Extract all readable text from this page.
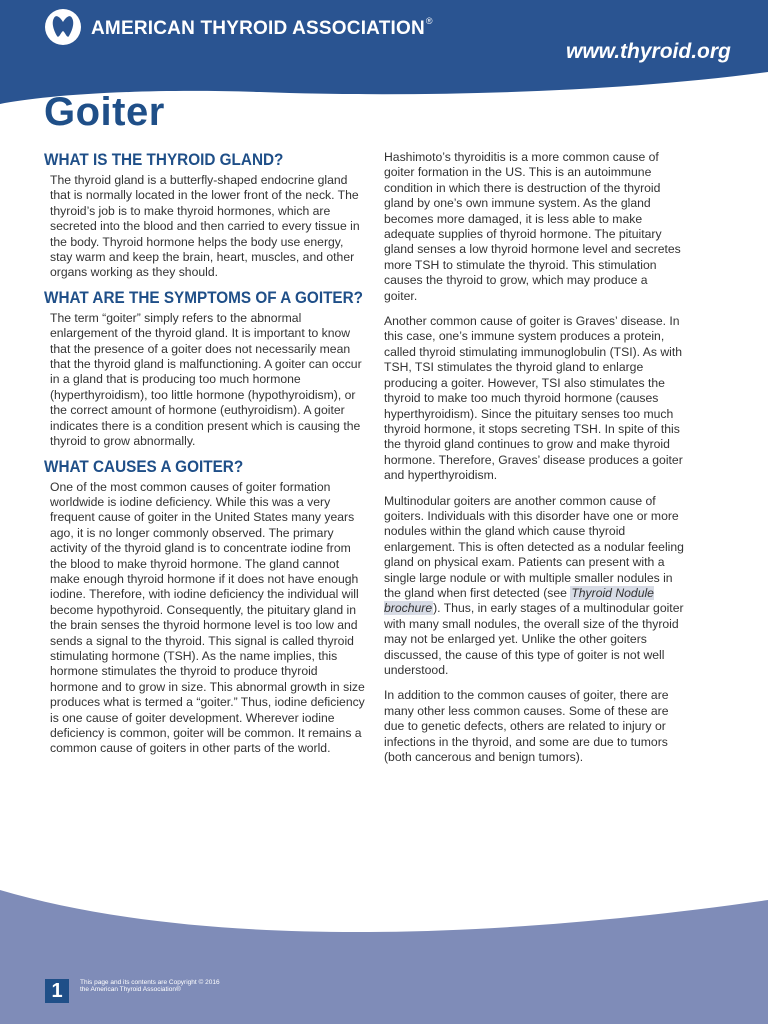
AMERICAN THYROID ASSOCIATION®
www.thyroid.org
Goiter
WHAT IS THE THYROID GLAND?

The thyroid gland is a butterfly-shaped endocrine gland that is normally located in the lower front of the neck. The thyroid’s job is to make thyroid hormones, which are secreted into the blood and then carried to every tissue in the body. Thyroid hormone helps the body use energy, stay warm and keep the brain, heart, muscles, and other organs working as they should.

WHAT ARE THE SYMPTOMS OF A GOITER?

The term “goiter” simply refers to the abnormal enlargement of the thyroid gland. It is important to know that the presence of a goiter does not necessarily mean that the thyroid gland is malfunctioning. A goiter can occur in a gland that is producing too much hormone (hyperthyroidism), too little hormone (hypothyroidism), or the correct amount of hormone (euthyroidism). A goiter indicates there is a condition present which is causing the thyroid to grow abnormally.

WHAT CAUSES A GOITER?

One of the most common causes of goiter formation worldwide is iodine deficiency. While this was a very frequent cause of goiter in the United States many years ago, it is no longer commonly observed. The primary activity of the thyroid gland is to concentrate iodine from the blood to make thyroid hormone. The gland cannot make enough thyroid hormone if it does not have enough iodine. Therefore, with iodine deficiency the individual will become hypothyroid. Consequently, the pituitary gland in the brain senses the thyroid hormone level is too low and sends a signal to the thyroid. This signal is called thyroid stimulating hormone (TSH). As the name implies, this hormone stimulates the thyroid to produce thyroid hormone and to grow in size. This abnormal growth in size produces what is termed a “goiter.” Thus, iodine deficiency is one cause of goiter development. Wherever iodine deficiency is common, goiter will be common. It remains a common cause of goiters in other parts of the world.

Hashimoto’s thyroiditis is a more common cause of goiter formation in the US. This is an autoimmune condition in which there is destruction of the thyroid gland by one’s own immune system. As the gland becomes more damaged, it is less able to make adequate supplies of thyroid hormone. The pituitary gland senses a low thyroid hormone level and secretes more TSH to stimulate the thyroid. This stimulation causes the thyroid to grow, which may produce a goiter.

Another common cause of goiter is Graves’ disease. In this case, one’s immune system produces a protein, called thyroid stimulating immunoglobulin (TSI). As with TSH, TSI stimulates the thyroid gland to enlarge producing a goiter. However, TSI also stimulates the thyroid to make too much thyroid hormone (causes hyperthyroidism). Since the pituitary senses too much thyroid hormone, it stops secreting TSH. In spite of this the thyroid gland continues to grow and make thyroid hormone. Therefore, Graves’ disease produces a goiter and hyperthyroidism.

Multinodular goiters are another common cause of goiters. Individuals with this disorder have one or more nodules within the gland which cause thyroid enlargement. This is often detected as a nodular feeling gland on physical exam. Patients can present with a single large nodule or with multiple smaller nodules in the gland when first detected (see Thyroid Nodule brochure). Thus, in early stages of a multinodular goiter with many small nodules, the overall size of the thyroid may not be enlarged yet. Unlike the other goiters discussed, the cause of this type of goiter is not well understood.

In addition to the common causes of goiter, there are many other less common causes. Some of these are due to genetic defects, others are related to injury or infections in the thyroid, and some are due to tumors (both cancerous and benign tumors).

1	This page and its contents are Copyright © 2016 the American Thyroid Association®
